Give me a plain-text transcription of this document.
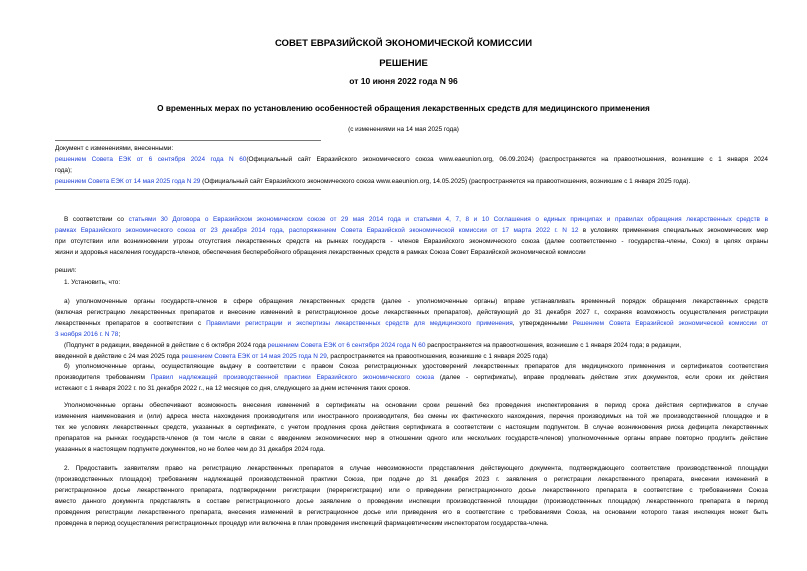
СОВЕТ ЕВРАЗИЙСКОЙ ЭКОНОМИЧЕСКОЙ КОМИССИИ
РЕШЕНИЕ
от 10 июня 2022 года N 96
О временных мерах по установлению особенностей обращения лекарственных средств для медицинского применения
(с изменениями на 14 мая 2025 года)
Документ с изменениями, внесенными:
решением Совета ЕЭК от 6 сентября 2024 года N 60(Официальный сайт Евразийского экономического союза www.eaeunion.org, 06.09.2024) (распространяется на правоотношения, возникшие с 1 января 2024
года);
решением Совета ЕЭК от 14 мая 2025 года N 29 (Официальный сайт Евразийского экономического союза www.eaeunion.org, 14.05.2025) (распространяется на правоотношения, возникшие с 1 января 2025 года).
В соответствии со статьями 30 Договора о Евразийском экономическом союзе от 29 мая 2014 года и статьями 4, 7, 8 и 10 Соглашения о единых принципах и правилах обращения лекарственных средств в
рамках Евразийского экономического союза от 23 декабря 2014 года, распоряжением Совета Евразийской экономической комиссии от 17 марта 2022 г. N 12 в условиях применения специальных экономических мер
при отсутствии или возникновении угрозы отсутствия лекарственных средств на рынках государств - членов Евразийского экономического союза (далее соответственно - государства-члены, Союз) в целях охраны
жизни и здоровья населения государств-членов, обеспечения бесперебойного обращения лекарственных средств в рамках Союза Совет Евразийской экономической комиссии
решил:
1. Установить, что:
а) уполномоченные органы государств-членов в сфере обращения лекарственных средств (далее - уполномоченные органы) вправе устанавливать временный порядок обращения лекарственных средств
(включая регистрацию лекарственных препаратов и внесение изменений в регистрационное досье лекарственных препаратов), действующий до 31 декабря 2027 г., сохраняя возможность осуществления регистрации
лекарственных препаратов в соответствии с Правилами регистрации и экспертизы лекарственных средств для медицинского применения, утвержденными Решением Совета Евразийской экономической комиссии от
3 ноября 2016 г. N 78;
(Подпункт в редакции, введенной в действие с 6 октября 2024 года решением Совета ЕЭК от 6 сентября 2024 года N 60 распространяется на правоотношения, возникшие с 1 января 2024 года; в редакции,
введенной в действие с 24 мая 2025 года решением Совета ЕЭК от 14 мая 2025 года N 29, распространяется на правоотношения, возникшие с 1 января 2025 года)
б) уполномоченные органы, осуществляющие выдачу в соответствии с правом Союза регистрационных удостоверений лекарственных препаратов для медицинского применения и сертификатов соответствия
производителя требованиям Правил надлежащей производственной практики Евразийского экономического союза (далее - сертификаты), вправе продлевать действие этих документов, если сроки их действия
истекают с 1 января 2022 г. по 31 декабря 2022 г., на 12 месяцев со дня, следующего за днем истечения таких сроков.
Уполномоченные органы обеспечивают возможность внесения изменений в сертификаты на основании сроки решений без проведения инспектирования в период срока действия сертификатов в случае
изменения наименования и (или) адреса места нахождения производителя или иностранного производителя, без смены их фактического нахождения, перечня производимых на той же производственной площадке и в
тех же условиях лекарственных средств, указанных в сертификате, с учетом продления срока действия сертификата в соответствии с настоящим подпунктом. В случае возникновения риска дефицита лекарственных
препаратов на рынках государств-членов (в том числе в связи с введением экономических мер в отношении одного или нескольких государств-членов) уполномоченные органы вправе повторно продлить действие
указанных в настоящем подпункте документов, но не более чем до 31 декабря 2024 года.
2. Предоставить заявителям право на регистрацию лекарственных препаратов в случае невозможности представления действующего документа, подтверждающего соответствие производственной площадки
(производственных площадок) требованиям надлежащей производственной практики Союза, при подаче до 31 декабря 2023 г. заявления о регистрации лекарственного препарата, внесении изменений в
регистрационное досье лекарственного препарата, подтверждении регистрации (перерегистрации) или о приведении регистрационного досье лекарственного препарата в соответствие с требованиями Союза
вместо данного документа представлять в составе регистрационного досье заявление о проведении инспекции производственной площадки (производственных площадок) лекарственного препарата в период
проведения регистрации лекарственного препарата, внесения изменений в регистрационное досье или приведения его в соответствие с требованиями Союза, на основании которого такая инспекция может быть
проведена в период осуществления регистрационных процедур или включена в план проведения инспекций фармацевтическим инспекторатом государства-члена.
